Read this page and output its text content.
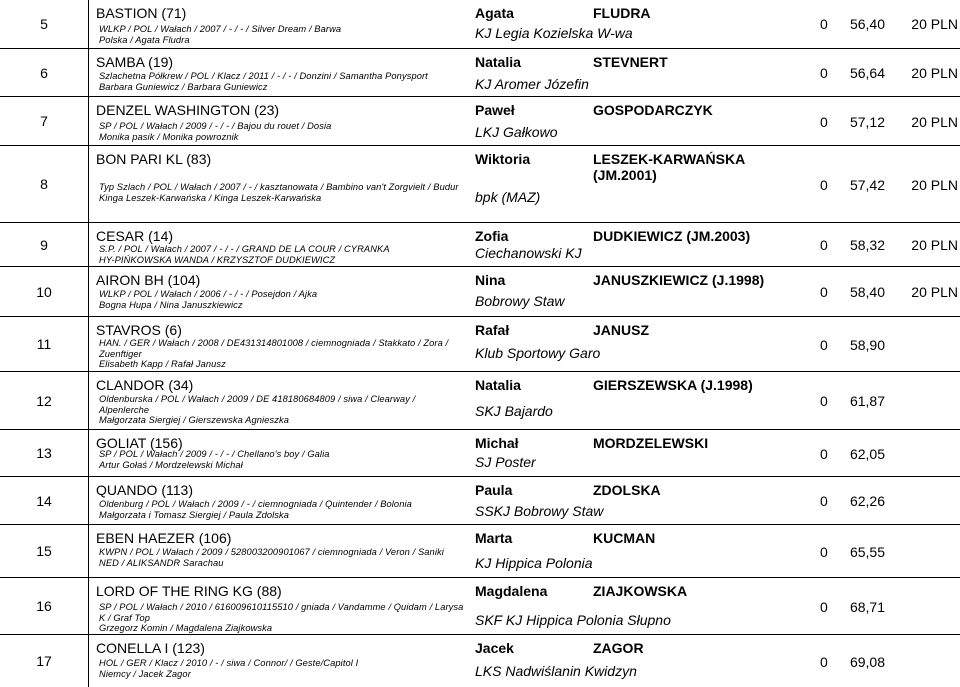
5
BASTION ( 71 )
WLKP / POL / Wałach / 2007 / - / - / Silver Dream / Barwa
Polska / Agata Fludra
Agata	FLUDRA
KJ Legia Kozielska W-wa
0 56,40 20 PLN
6
SAMBA ( 19 )
Szlachetna Półkrew / POL / Klacz / 2011 / - / - / Donzini / Samantha Ponysport
Barbara Guniewicz / Barbara Guniewicz
Natalia	STEVNERT
KJ Aromer Józefin
0 56,64 20 PLN
7
DENZEL WASHINGTON ( 23 )
SP / POL / Wałach / 2009 / - / - / Bajou du rouet / Dosia
Monika pasik / Monika powroznik
Paweł	GOSPODARCZYK
LKJ Gałkowo
0 57,12 20 PLN
8
BON PARI KL ( 83 )
Typ Szlach / POL / Wałach / 2007 / - / kasztanowata / Bambino van't Zorgvielt / Budur
Kinga Leszek-Karwańska / Kinga Leszek-Karwańska
Wiktoria	LESZEK-KARWAŃSKA (JM.2001)
bpk (MAZ)
0 57,42 20 PLN
9
CESAR ( 14 )
S.P. / POL / Wałach / 2007 / - / - / GRAND DE LA COUR / CYRANKA
HY-PIŃKOWSKA WANDA / KRZYSZTOF DUDKIEWICZ
Zofia	DUDKIEWICZ (JM.2003)
Ciechanowski KJ	0 58,32 20 PLN
10
AIRON BH ( 104 )
WLKP / POL / Wałach / 2006 / - / - / Posejdon / Ajka
Bogna Hupa / Nina Januszkiewicz
Nina	JANUSZKIEWICZ (J.1998)
Bobrowy Staw
0 58,40 20 PLN
11
STAVROS ( 6 )
HAN. / GER / Wałach / 2008 / DE431314801008 / ciemnogniada / Stakkato / Zora / Zuenftiger
Elisabeth Kapp / Rafał Janusz
Rafał	JANUSZ
Klub Sportowy Garo	0 58,90
12
CLANDOR ( 34 )
Oldenburska / POL / Wałach / 2009 / DE 418180684809 / siwa / Clearway / Alpenlerche
Małgorzata Siergiej / Gierszewska Agnieszka
Natalia	GIERSZEWSKA (J.1998)
SKJ Bajardo
0 61,87
13
GOLIAT ( 156 )
SP / POL / Wałach / 2009 / - / - / Chellano's boy / Galia
Artur Gołaś / Mordzelewski Michał
Michał	MORDZELEWSKI
SJ Poster	0 62,05
14
QUANDO ( 113 )
Oldenburg / POL / Wałach / 2009 / - / ciemnogniada / Quintender / Bolonia
Małgorzata i Tomasz Siergiej / Paula Zdolska
Paula	ZDOLSKA
SSKJ Bobrowy Staw
0 62,26
15
EBEN HAEZER ( 106 )
KWPN / POL / Wałach / 2009 / 528003200901067 / ciemnogniada / Veron / Saniki
NED / ALIKSANDR Sarachau
Marta	KUCMAN
KJ Hippica Polonia
0 65,55
16
LORD OF THE RING KG ( 88 )
SP / POL / Wałach / 2010 / 616009610115510 / gniada / Vandamme / Quidam / Larysa K / Graf Top
Grzegorz Komin / Magdalena Ziajkowska
Magdalena	ZIAJKOWSKA
SKF KJ Hippica Polonia Słupno
0 68,71
17
CONELLA I ( 123 )
HOL / GER / Klacz / 2010 / - / siwa / Connor/ / Geste/Capitol I
Niemcy / Jacek Zagor
Jacek	ZAGOR
LKS Nadwiślanin Kwidzyn
0 69,08
